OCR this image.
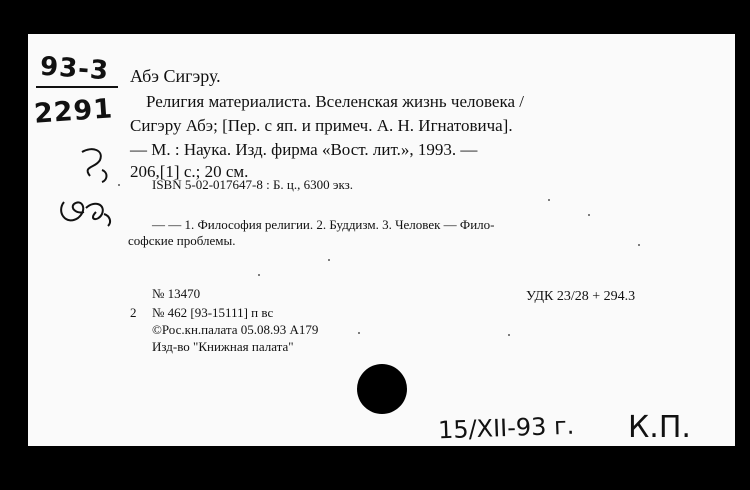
93-3
2291
Абэ Сигэру.
Религия материалиста. Вселенская жизнь человека /
Сигэру Абэ; [Пер. с яп. и примеч. А. Н. Игнатовича].
— М. : Наука. Изд. фирма «Вост. лит.», 1993. —
206,[1] с.; 20 см.
ISBN 5-02-017647-8 : Б. ц., 6300 экз.
— — 1. Философия религии. 2. Буддизм. 3. Человек — Фило-
софские проблемы.
№ 13470
2 № 462 [93-15111] п вс
©Рос.кн.палата 05.08.93 А179
Изд-во "Книжная палата"
УДК 23/28 + 294.3
15/XII-93 г. К.П.
